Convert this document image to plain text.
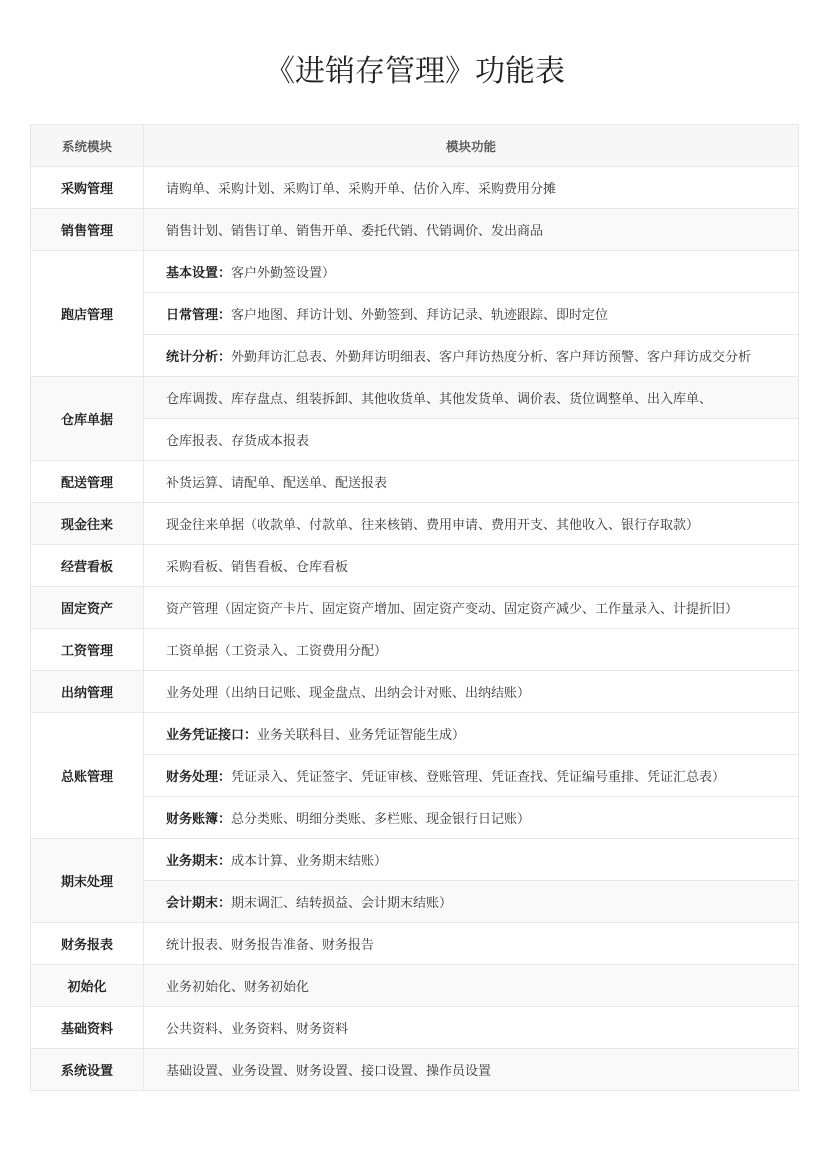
《进销存管理》功能表
系统模块	模块功能
采购管理	请购单、采购计划、采购订单、采购开单、估价入库、采购费用分摊
销售管理	销售计划、销售订单、销售开单、委托代销、代销调价、发出商品
跑店管理	基本设置：客户外勤签设置）
	日常管理：客户地图、拜访计划、外勤签到、拜访记录、轨迹跟踪、即时定位
	统计分析：外勤拜访汇总表、外勤拜访明细表、客户拜访热度分析、客户拜访预警、客户拜访成交分析
仓库单据	仓库调拨、库存盘点、组装拆卸、其他收货单、其他发货单、调价表、货位调整单、出入库单、
	仓库报表、存货成本报表
配送管理	补货运算、请配单、配送单、配送报表
现金往来	现金往来单据（收款单、付款单、往来核销、费用申请、费用开支、其他收入、银行存取款）
经营看板	采购看板、销售看板、仓库看板
固定资产	资产管理（固定资产卡片、固定资产增加、固定资产变动、固定资产减少、工作量录入、计提折旧）
工资管理	工资单据（工资录入、工资费用分配）
出纳管理	业务处理（出纳日记账、现金盘点、出纳会计对账、出纳结账）
总账管理	业务凭证接口：业务关联科目、业务凭证智能生成）
	财务处理：凭证录入、凭证签字、凭证审核、登账管理、凭证查找、凭证编号重排、凭证汇总表）
	财务账簿：总分类账、明细分类账、多栏账、现金银行日记账）
期末处理	业务期末：成本计算、业务期末结账）
	会计期末：期末调汇、结转损益、会计期末结账）
财务报表	统计报表、财务报告准备、财务报告
初始化	业务初始化、财务初始化
基础资料	公共资料、业务资料、财务资料
系统设置	基础设置、业务设置、财务设置、接口设置、操作员设置
